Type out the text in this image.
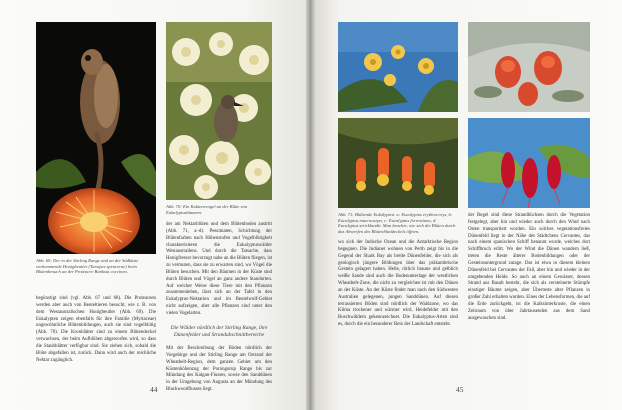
Abb. 69: Der in der Stirling Range und an der Südküste vorkommende Honigbeutler (Tarsipes spencerae) beim Blütenbesuch an der Proteacee Banksia coccinea.

Abb. 70: Ein Kakteenvogel an der Blüte von Eukalyptusbäumen.

begünstigt sind (vgl. Abb. 67 und 68). Die Proteaceen werden aber auch von Beuteltieren besucht, wie z. B. von dem Westaustralischen Honigbeutler (Abb. 69). Die Eukalypten zeigen ebenfalls für ihre Familie (Myrtaceae) ungewöhnliche Blütenbildungen, auch sie sind vogelblütig (Abb. 70). Die Kronblätter sind zu einem Blütendeckel verwachsen, der beim Aufblühen abgeworfen wird, so dass die Staubblätter verfügbar sind. Sie ziehen sich, sobald die Blüte abgefallen ist, zurück. Dann wird auch der reichliche Nektar zugänglich.

der am Nektarblüten und dem Blütenboden austritt (Abb. 71, a–d). Pessimaten, Schichtung der Blütenfarben nach Höhenstufen und Vogelblütigkeit charakterisieren die Eukalyptuswälder Westaustraliens. Und durch die Tatsache, dass Honigfresser bevorzugt nahe an die Blüten fliegen, ist zu vermuten, dass sie zu erwarten sind, wo Vögel die Blüten besuchen. Mit den Bäumen in der Küste sind durch Blüten und Vögel an ganz andere Standorten. Auf welcher Weise diese Tiere mit den Pflanzen zusammenleben, lässt sich an der Tafel in den Eukalyptus-Nektarien und im Beutelwolf-Gebiet nicht aufzeigen, aber alle Pflanzen sind unter den vielen Vogelarten.

Die Wälder nördlich der Stirling Range, ihre Dünenfelder und Strandabschnittbereiche

Mit der Beschreibung der Böden nördlich der Vorgebirge und der Stirling Range am Ostrand der Wheatbelt-Region, dem ganzen Gebiet um den Küstenhöhenzug der Porongurup Range bis zur Mündung des Kalgan-Flusses, sowie den Sanddünen in der Umgebung von Augusta an der Mündung des Blackwoodflusses liegt.

44

Abb. 71: Blühende Eukalypten. a: Eucalyptus erythrocorys, b: Eucalyptus macrocarpa, c: Eucalyptus forrestiana, d: Eucalyptus stricklandii. Man beachte, wie sich die Blüten durch das Abwerfen des Blütenblattdeckels öffnen.

wo sich der Indische Ozean und die Antarktische Region begegnen. Die Indianer wohnen von Perth zeigt bis in die Gegend der Shark Bay als breite Dünenfelder, die sich als geologisch jüngere Bildungen über das präkambrische Gestein gelagert haben. Helle, rötlich braune und gelblich weiße Sande sind auch die Bodenunterlage der westlichen Wheatbelt-Zone, die nicht zu vergleichen ist mit den Dünen an der Küste. An der Küste findet man nach den Südwesten Australien gelegenen, jungen Sanddünen. Auf diesen terrassierten Böden sind nördlich der Waldzone, wo das Klima trockener und wärmer wird, Heidefelder mit den Buschwäldern gekennzeichnet. Die Eukalyptus-Arten sind es, durch die ein besonderer Reiz der Landschaft entsteht.

der Regel sind diese Strandbüchsen durch die Vegetation festgelegt, aber hin und wieder auch durch den Wind nach Osten transportiert worden. Ein solches vegetationsfreies Dünenfeld liegt in der Nähe des Städtchens Cervantes, das nach einem spanischen Schiff benannt wurde, welches dort Schiffbruch erlitt. Wo der Wind die Dünen wandern ließ, treten die Reste älterer Bodenbildungen oder der Gesteinsuntergrund zutage. Das ist etwa in diesem kleinen Dünenfeld bei Cervantes der Fall, aber hin und wieder in der umgebenden Heide. So auch an einem Gewässer, dessen Strand aus Basalt besteht, die sich als versteinerte Stümpfe einstiger Bäume zeigen, aber Überreste alter Pflanzen in großer Zahl erhalten wurden. Eines der Lebensformen, die auf die Erde zurückgeht, ist die Kalksinterkruste, die einen Zeitraum von über Jahrtausenden aus dem Sand ausgewaschen sind.

45
